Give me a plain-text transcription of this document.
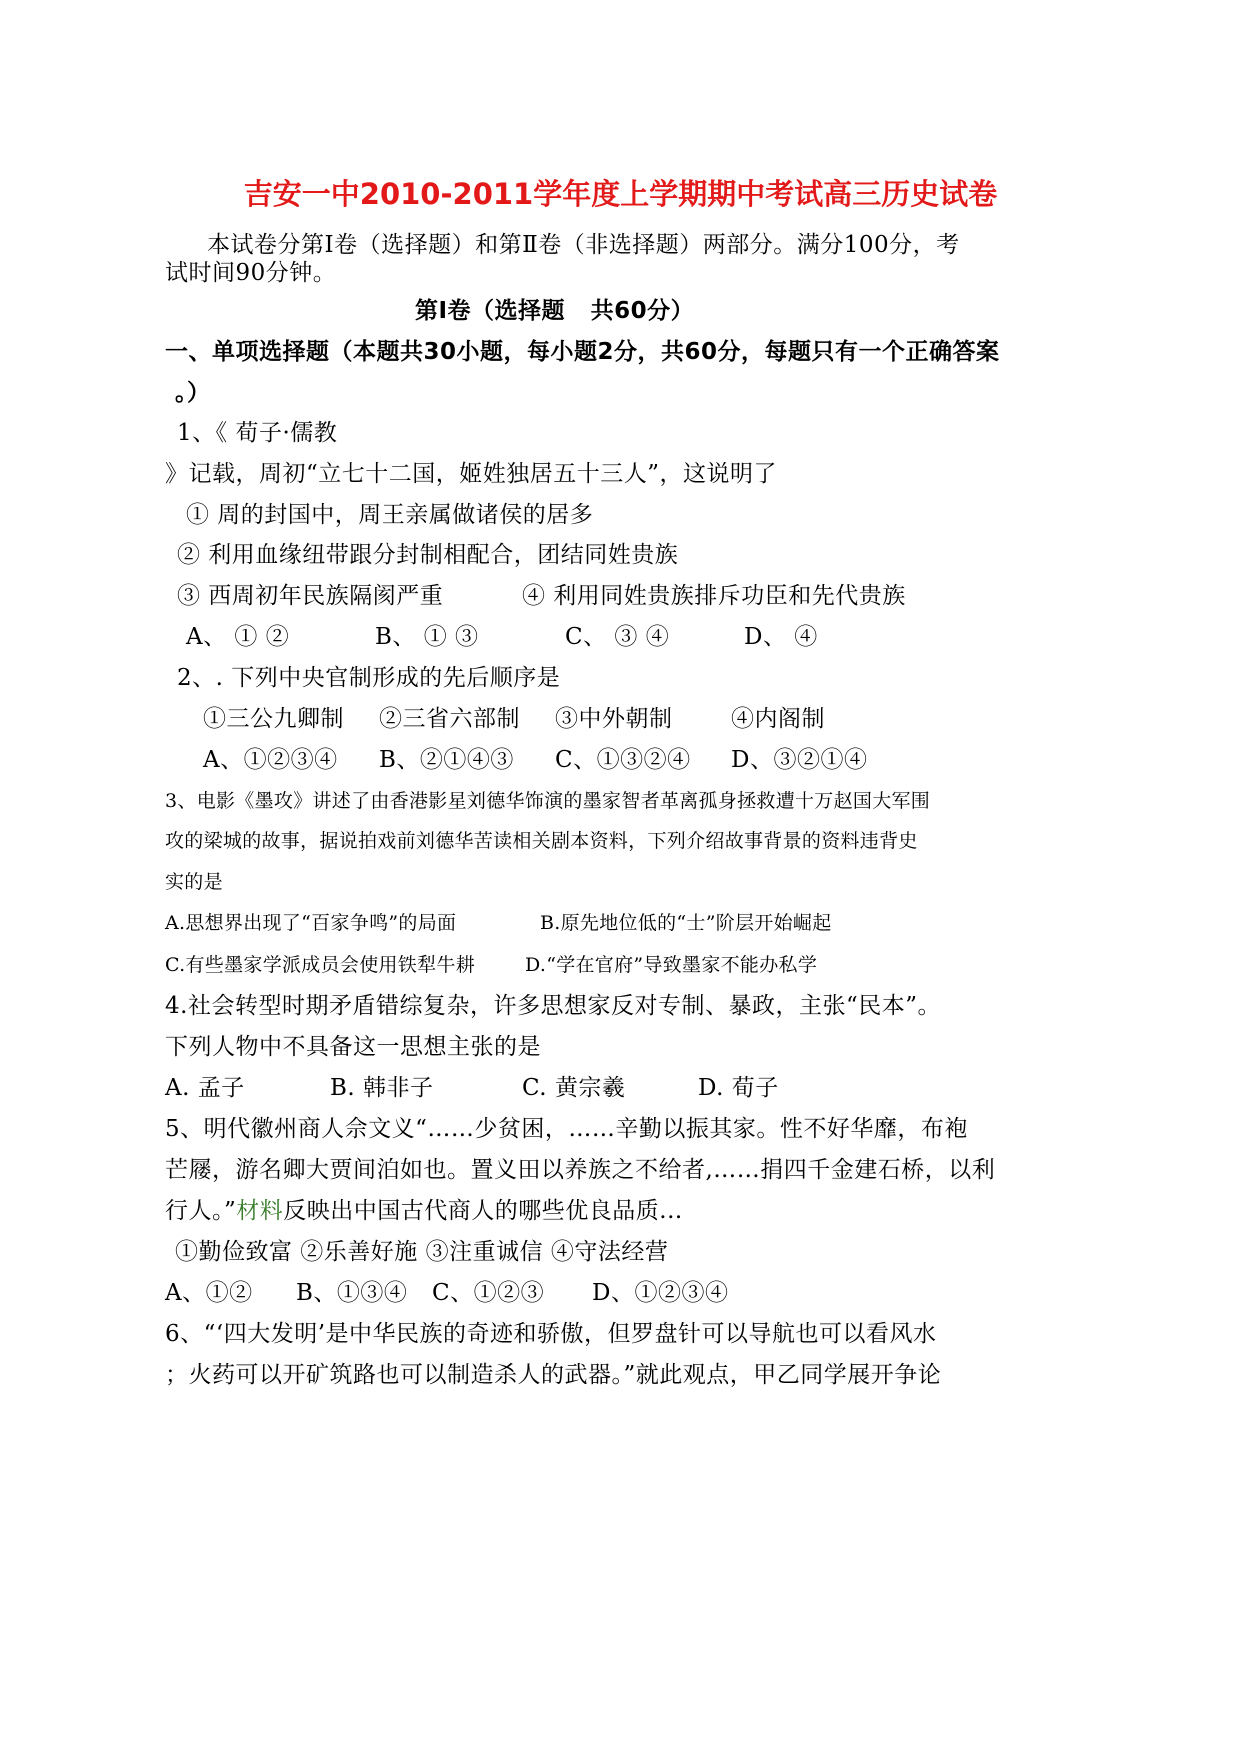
吉安一中2010-2011学年度上学期期中考试高三历史试卷
本试卷分第Ⅰ卷（选择题）和第Ⅱ卷（非选择题）两部分。满分100分，考
试时间90分钟。
第Ⅰ卷（选择题   共60分）
一、单项选择题（本题共30小题，每小题2分，共60分，每题只有一个正确答案
。）
1、《 荀子·儒教
》记载，周初“立七十二国，姬姓独居五十三人”，这说明了
① 周的封国中，周王亲属做诸侯的居多
② 利用血缘纽带跟分封制相配合，团结同姓贵族
③ 西周初年民族隔阂严重	④ 利用同姓贵族排斥功臣和先代贵族
A、 ① ②	B、 ① ③	C、 ③ ④	D、 ④
2、. 下列中央官制形成的先后顺序是
①三公九卿制 ②三省六部制 ③中外朝制	④内阁制
A、①②③④ B、②①④③ C、①③②④ D、③②①④
3、电影《墨攻》讲述了由香港影星刘德华饰演的墨家智者革离孤身拯救遭十万赵国大军围
攻的梁城的故事，据说拍戏前刘德华苦读相关剧本资料，下列介绍故事背景的资料违背史
实的是
A.思想界出现了“百家争鸣”的局面	B.原先地位低的“士”阶层开始崛起
C.有些墨家学派成员会使用铁犁牛耕	D.“学在官府”导致墨家不能办私学
4.社会转型时期矛盾错综复杂，许多思想家反对专制、暴政，主张“民本”。
下列人物中不具备这一思想主张的是
A. 孟子	B. 韩非子	C. 黄宗羲	D. 荀子
5、明代徽州商人佘文义“……少贫困，……辛勤以振其家。性不好华靡，布袍
芒屦，游名卿大贾间泊如也。置义田以养族之不给者,……捐四千金建石桥，以利
行人。”材料反映出中国古代商人的哪些优良品质...
①勤俭致富 ②乐善好施 ③注重诚信 ④守法经营
A、①② B、①③④ C、①②③ D、①②③④
6、“‘四大发明’是中华民族的奇迹和骄傲，但罗盘针可以导航也可以看风水
；火药可以开矿筑路也可以制造杀人的武器。”就此观点，甲乙同学展开争论
